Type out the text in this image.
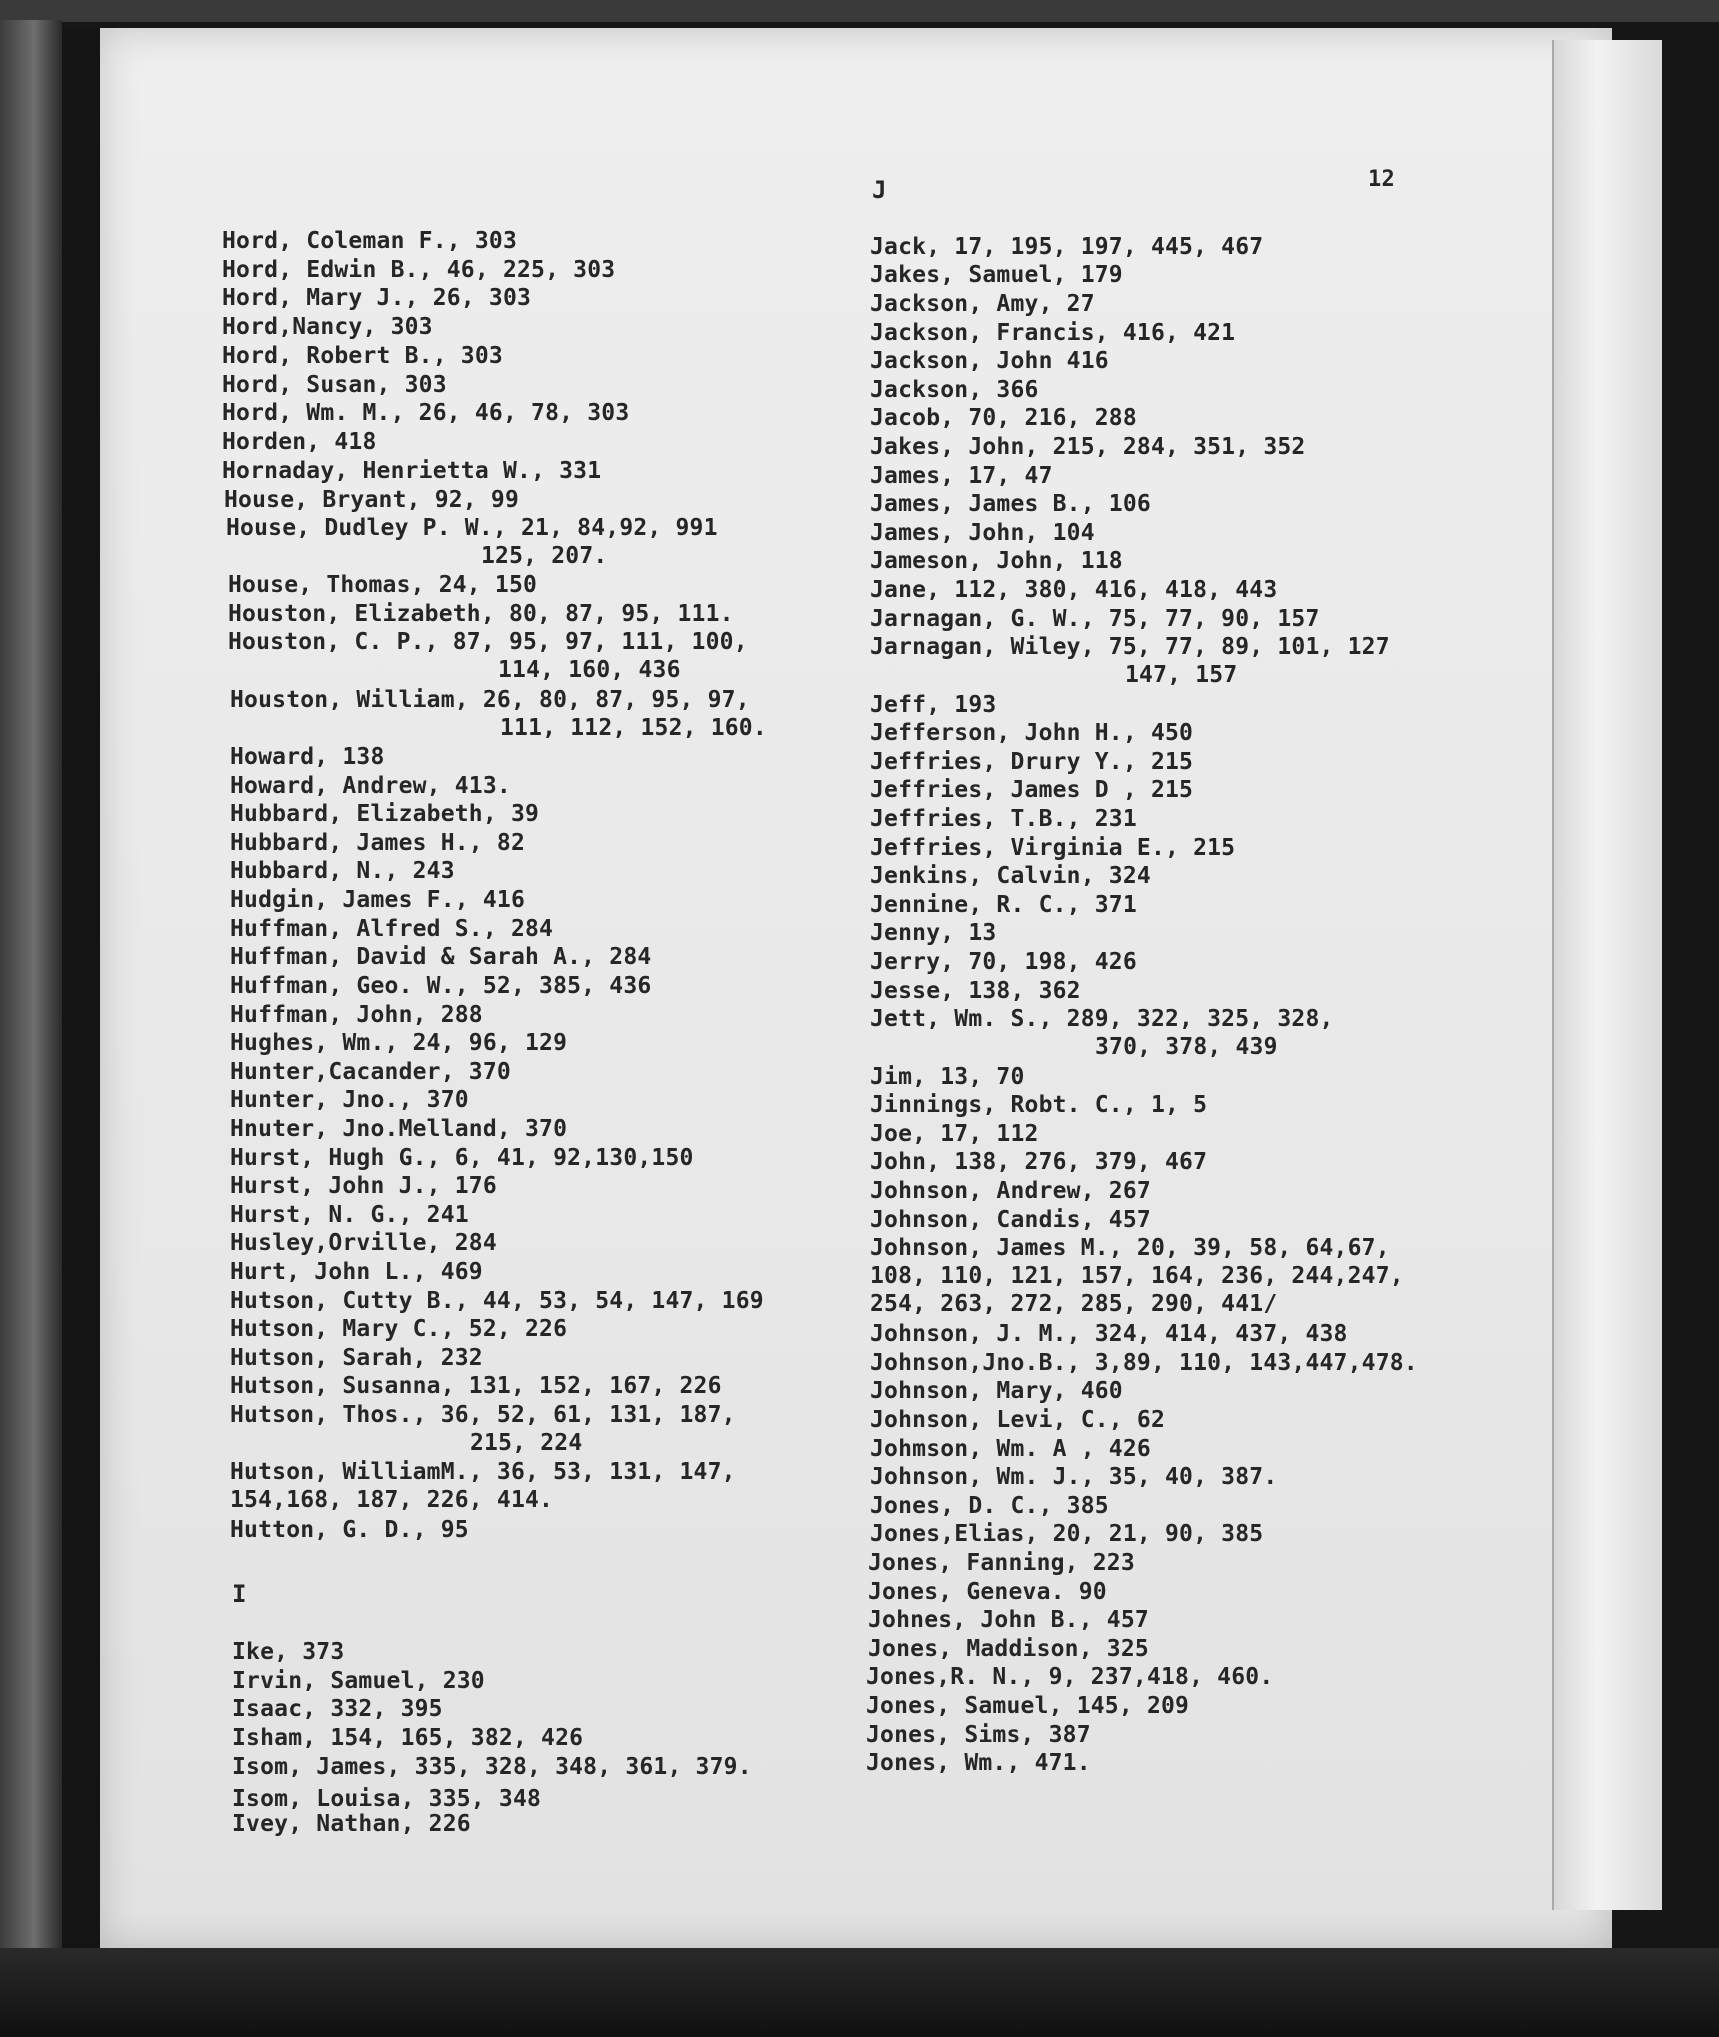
J	12

Hord, Coleman F., 303

Hord, Edwin B., 46, 225, 303

Hord, Mary J., 26, 303

Hord,Nancy, 303

Hord, Robert B., 303

Hord, Susan, 303

Hord, Wm. M., 26, 46, 78, 303

Horden, 418

Hornaday, Henrietta W., 331

House, Bryant, 92, 99

House, Dudley P. W., 21, 84,92, 991
125, 207.

House, Thomas, 24, 150

Houston, Elizabeth, 80, 87, 95, 111.

Houston, C. P., 87, 95, 97, 111, 100,
114, 160, 436
Houston, William, 26, 80, 87, 95, 97,
111, 112, 152, 160.

Howard, 138

Howard, Andrew, 413.

Hubbard, Elizabeth, 39

Hubbard, James H., 82

Hubbard, N., 243

Hudgin, James F., 416

Huffman, Alfred S., 284

Huffman, David & Sarah A., 284

Huffman, Geo. W., 52, 385, 436

Huffman, John, 288

Hughes, Wm., 24, 96, 129

Hunter,Cacander, 370

Hunter, Jno., 370

Hnuter, Jno.Melland, 370

Hurst, Hugh G., 6, 41, 92,130,150

Hurst, John J., 176

Hurst, N. G., 241

Husley,Orville, 284

Hurt, John L., 469

Hutson, Cutty B., 44, 53, 54, 147, 169

Hutson, Mary C., 52, 226

Hutson, Sarah, 232

Hutson, Susanna, 131, 152, 167, 226

Hutson, Thos., 36, 52, 61, 131, 187,
215, 224
Hutson, WilliamM., 36, 53, 131, 147,
154,168, 187, 226, 414.

Hutton, G. D., 95

I

Ike, 373

Irvin, Samuel, 230

Isaac, 332, 395

Isham, 154, 165, 382, 426

Isom, James, 335, 328, 348, 361, 379.

Isom, Louisa, 335, 348

Ivey, Nathan, 226

Jack, 17, 195, 197, 445, 467

Jakes, Samuel, 179

Jackson, Amy, 27

Jackson, Francis, 416, 421

Jackson, John 416

Jackson, 366

Jacob, 70, 216, 288

Jakes, John, 215, 284, 351, 352

James, 17, 47

James, James B., 106

James, John, 104

Jameson, John, 118

Jane, 112, 380, 416, 418, 443

Jarnagan, G. W., 75, 77, 90, 157

Jarnagan, Wiley, 75, 77, 89, 101, 127
147, 157

Jeff, 193

Jefferson, John H., 450

Jeffries, Drury Y., 215

Jeffries, James D , 215

Jeffries, T.B., 231

Jeffries, Virginia E., 215

Jenkins, Calvin, 324

Jennine, R. C., 371

Jenny, 13

Jerry, 70, 198, 426

Jesse, 138, 362

Jett, Wm. S., 289, 322, 325, 328,
370, 378, 439

Jim, 13, 70

Jinnings, Robt. C., 1, 5

Joe, 17, 112

John, 138, 276, 379, 467

Johnson, Andrew, 267

Johnson, Candis, 457

Johnson, James M., 20, 39, 58, 64,67,
108, 110, 121, 157, 164, 236, 244,247,
254, 263, 272, 285, 290, 441/

Johnson, J. M., 324, 414, 437, 438

Johnson,Jno.B., 3,89, 110, 143,447,478.

Johnson, Mary, 460

Johnson, Levi, C., 62

Johmson, Wm. A , 426

Johnson, Wm. J., 35, 40, 387.

Jones, D. C., 385

Jones,Elias, 20, 21, 90, 385

Jones, Fanning, 223

Jones, Geneva. 90

Johnes, John B., 457

Jones, Maddison, 325

Jones,R. N., 9, 237,418, 460.

Jones, Samuel, 145, 209

Jones, Sims, 387

Jones, Wm., 471.
